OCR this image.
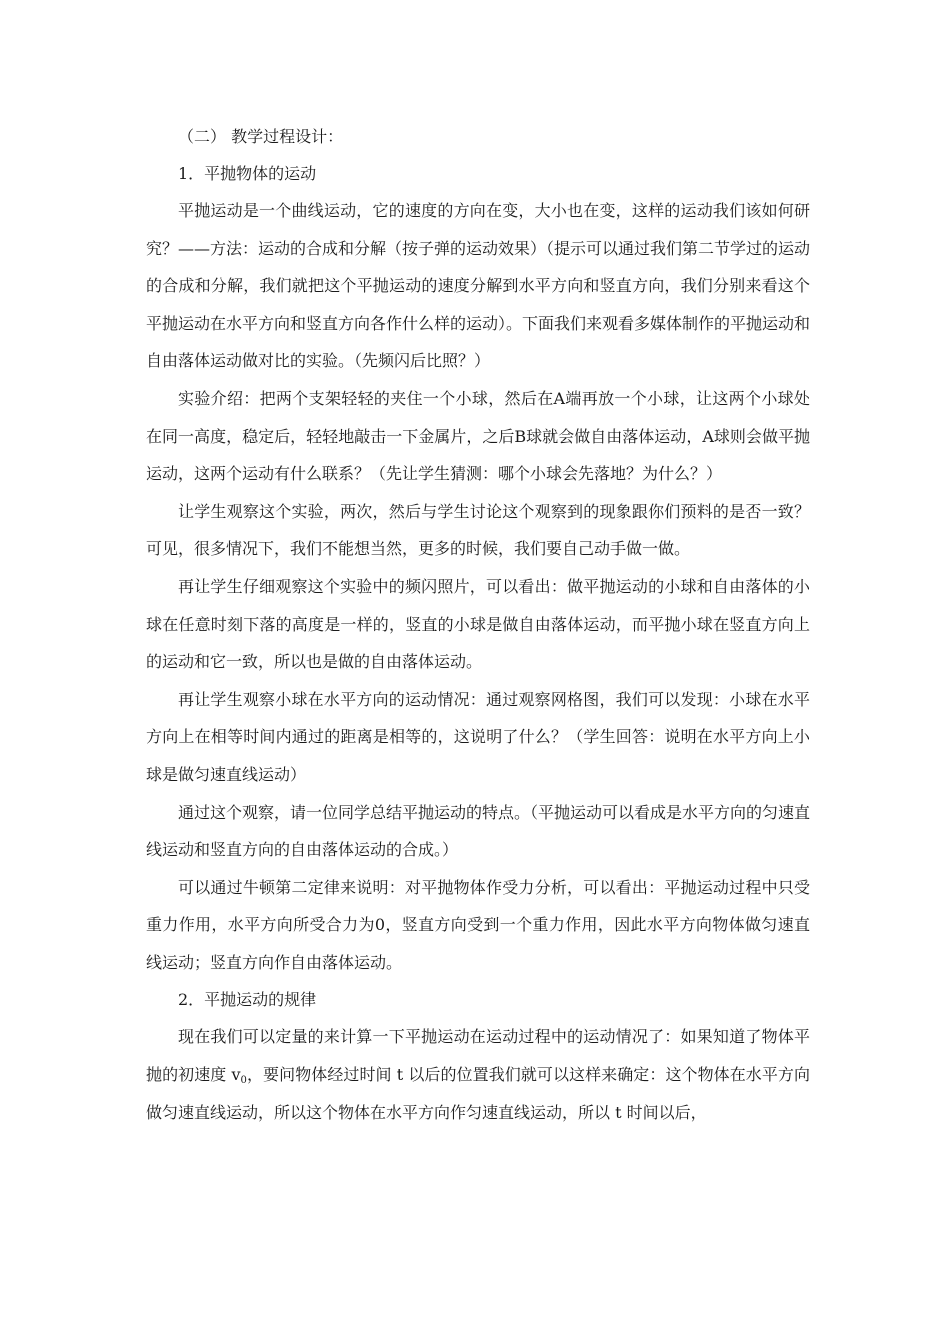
（二） 教学过程设计：

1．平抛物体的运动

平抛运动是一个曲线运动，它的速度的方向在变，大小也在变，这样的运动我们该如何研究？——方法：运动的合成和分解（按子弹的运动效果）（提示可以通过我们第二节学过的运动的合成和分解，我们就把这个平抛运动的速度分解到水平方向和竖直方向，我们分别来看这个平抛运动在水平方向和竖直方向各作什么样的运动）。下面我们来观看多媒体制作的平抛运动和自由落体运动做对比的实验。（先频闪后比照？）

实验介绍：把两个支架轻轻的夹住一个小球，然后在A端再放一个小球，让这两个小球处在同一高度，稳定后，轻轻地敲击一下金属片，之后B球就会做自由落体运动，A球则会做平抛运动，这两个运动有什么联系？（先让学生猜测：哪个小球会先落地？为什么？）

让学生观察这个实验，两次，然后与学生讨论这个观察到的现象跟你们预料的是否一致？可见，很多情况下，我们不能想当然，更多的时候，我们要自己动手做一做。

再让学生仔细观察这个实验中的频闪照片，可以看出：做平抛运动的小球和自由落体的小球在任意时刻下落的高度是一样的，竖直的小球是做自由落体运动，而平抛小球在竖直方向上的运动和它一致，所以也是做的自由落体运动。

再让学生观察小球在水平方向的运动情况：通过观察网格图，我们可以发现：小球在水平方向上在相等时间内通过的距离是相等的，这说明了什么？（学生回答：说明在水平方向上小球是做匀速直线运动）

通过这个观察，请一位同学总结平抛运动的特点。（平抛运动可以看成是水平方向的匀速直线运动和竖直方向的自由落体运动的合成。）

可以通过牛顿第二定律来说明：对平抛物体作受力分析，可以看出：平抛运动过程中只受重力作用，水平方向所受合力为0，竖直方向受到一个重力作用，因此水平方向物体做匀速直线运动；竖直方向作自由落体运动。

2．平抛运动的规律

现在我们可以定量的来计算一下平抛运动在运动过程中的运动情况了：如果知道了物体平抛的初速度 $v_0$，要问物体经过时间 t 以后的位置我们就可以这样来确定：这个物体在水平方向做匀速直线运动，所以这个物体在水平方向作匀速直线运动，所以 t 时间以后，
